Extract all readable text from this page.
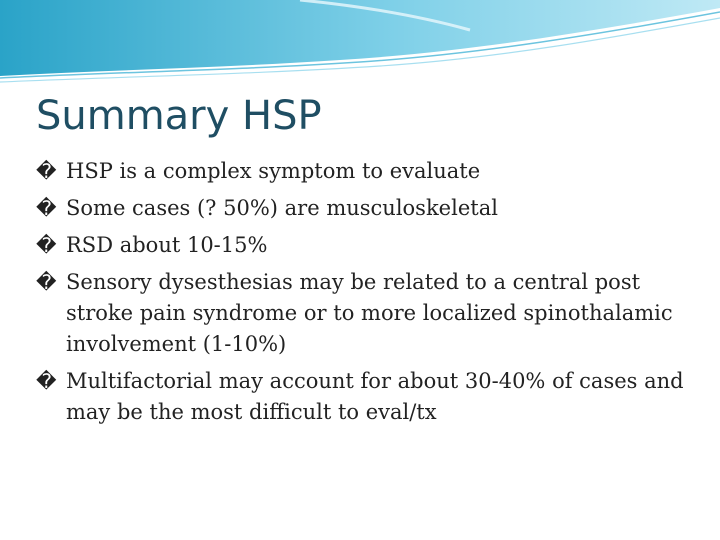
Summary HSP
� HSP is a complex symptom to evaluate
� Some cases (? 50%) are musculoskeletal
� RSD about 10-15%
� Sensory dysesthesias may be related to a central post stroke pain syndrome or to more localized spinothalamic involvement (1-10%)
� Multifactorial may account for about 30-40% of cases and may be the most difficult to eval/tx
